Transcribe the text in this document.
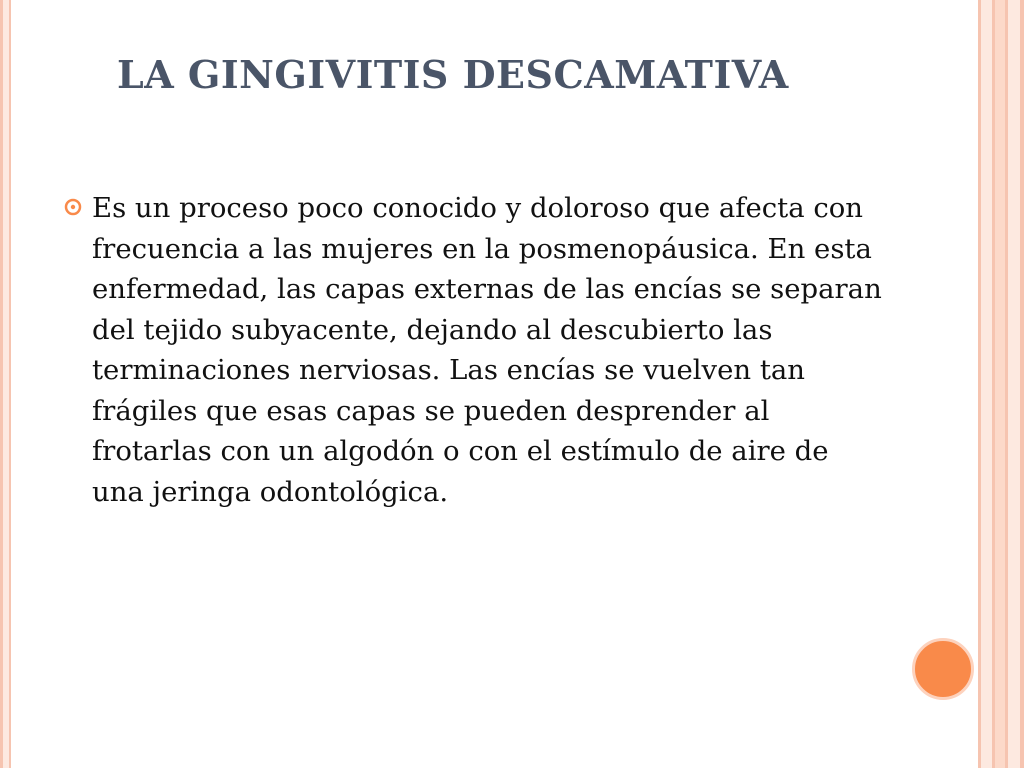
LA GINGIVITIS DESCAMATIVA

Es un proceso poco conocido y doloroso que afecta con frecuencia a las mujeres en la posmenopáusica. En esta enfermedad, las capas externas de las encías se separan del tejido subyacente, dejando al descubierto las terminaciones nerviosas. Las encías se vuelven tan frágiles que esas capas se pueden desprender al frotarlas con un algodón o con el estímulo de aire de una jeringa odontológica.
